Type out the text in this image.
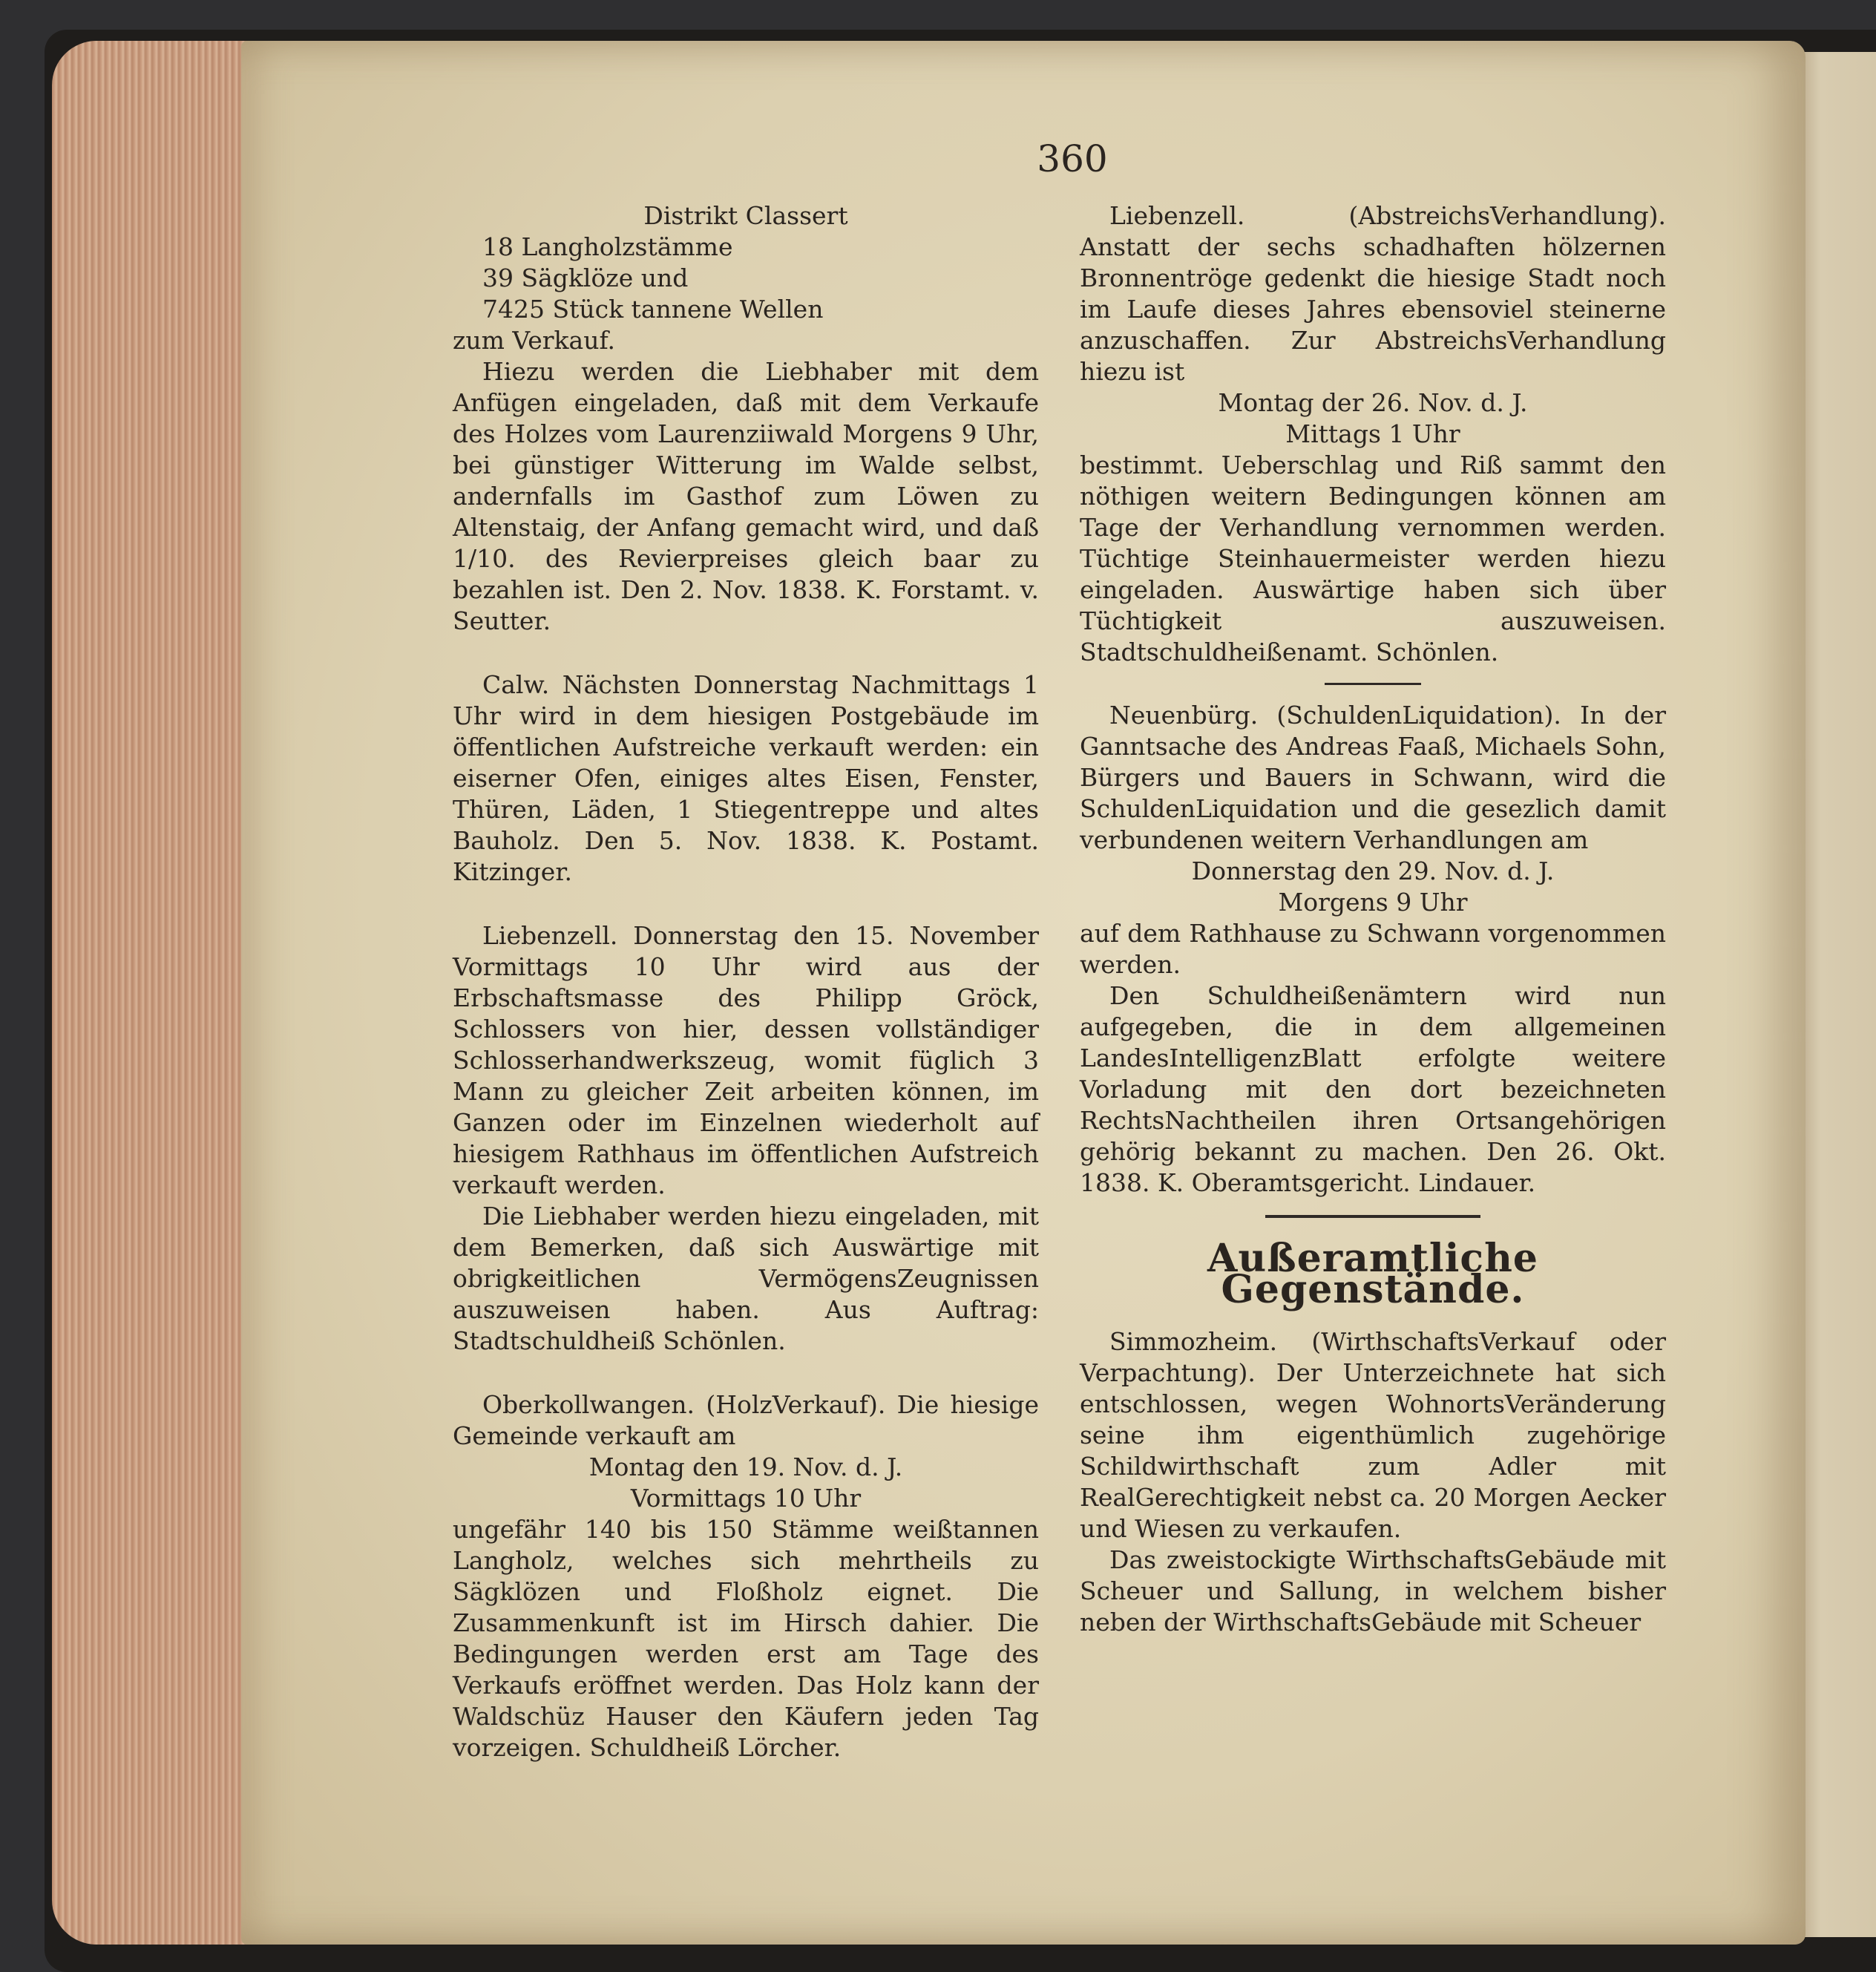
360

Distrikt Classert

18 Langholzstämme

39 Sägklöze und

7425 Stück tannene Wellen

zum Verkauf.

Hiezu werden die Liebhaber mit dem Anfügen eingeladen, daß mit dem Verkaufe des Holzes vom Laurenziiwald Morgens 9 Uhr, bei günstiger Witterung im Walde selbst, andernfalls im Gasthof zum Löwen zu Altenstaig, der Anfang gemacht wird, und daß 1/10. des Revierpreises gleich baar zu bezahlen ist. Den 2. Nov. 1838. K. Forstamt. v. Seutter.

Calw. Nächsten Donnerstag Nachmittags 1 Uhr wird in dem hiesigen Postgebäude im öffentlichen Aufstreiche verkauft werden: ein eiserner Ofen, einiges altes Eisen, Fenster, Thüren, Läden, 1 Stiegentreppe und altes Bauholz. Den 5. Nov. 1838. K. Postamt. Kitzinger.

Liebenzell. Donnerstag den 15. November Vormittags 10 Uhr wird aus der Erbschaftsmasse des Philipp Gröck, Schlossers von hier, dessen vollständiger Schlosserhandwerkszeug, womit füglich 3 Mann zu gleicher Zeit arbeiten können, im Ganzen oder im Einzelnen wiederholt auf hiesigem Rathhaus im öffentlichen Aufstreich verkauft werden.

Die Liebhaber werden hiezu eingeladen, mit dem Bemerken, daß sich Auswärtige mit obrigkeitlichen VermögensZeugnissen auszuweisen haben. Aus Auftrag: Stadtschuldheiß Schönlen.

Oberkollwangen. (HolzVerkauf). Die hiesige Gemeinde verkauft am

Montag den 19. Nov. d. J.

Vormittags 10 Uhr

ungefähr 140 bis 150 Stämme weißtannen Langholz, welches sich mehrtheils zu Sägklözen und Floßholz eignet. Die Zusammenkunft ist im Hirsch dahier. Die Bedingungen werden erst am Tage des Verkaufs eröffnet werden. Das Holz kann der Waldschüz Hauser den Käufern jeden Tag vorzeigen. Schuldheiß Lörcher.

Liebenzell. (AbstreichsVerhandlung). Anstatt der sechs schadhaften hölzernen Bronnentröge gedenkt die hiesige Stadt noch im Laufe dieses Jahres ebensoviel steinerne anzuschaffen. Zur AbstreichsVerhandlung hiezu ist

Montag der 26. Nov. d. J.

Mittags 1 Uhr

bestimmt. Ueberschlag und Riß sammt den nöthigen weitern Bedingungen können am Tage der Verhandlung vernommen werden. Tüchtige Steinhauermeister werden hiezu eingeladen. Auswärtige haben sich über Tüchtigkeit auszuweisen. Stadtschuldheißenamt. Schönlen.

Neuenbürg. (SchuldenLiquidation). In der Ganntsache des Andreas Faaß, Michaels Sohn, Bürgers und Bauers in Schwann, wird die SchuldenLiquidation und die gesezlich damit verbundenen weitern Verhandlungen am

Donnerstag den 29. Nov. d. J.

Morgens 9 Uhr

auf dem Rathhause zu Schwann vorgenommen werden.

Den Schuldheißenämtern wird nun aufgegeben, die in dem allgemeinen LandesIntelligenzBlatt erfolgte weitere Vorladung mit den dort bezeichneten RechtsNachtheilen ihren Ortsangehörigen gehörig bekannt zu machen. Den 26. Okt. 1838. K. Oberamtsgericht. Lindauer.

Außeramtliche Gegenstände.

Simmozheim. (WirthschaftsVerkauf oder Verpachtung). Der Unterzeichnete hat sich entschlossen, wegen WohnortsVeränderung seine ihm eigenthümlich zugehörige Schildwirthschaft zum Adler mit RealGerechtigkeit nebst ca. 20 Morgen Aecker und Wiesen zu verkaufen.

Das zweistockigte WirthschaftsGebäude mit Scheuer und Sallung, in welchem bisher neben der WirthschaftsGebäude mit Scheuer
